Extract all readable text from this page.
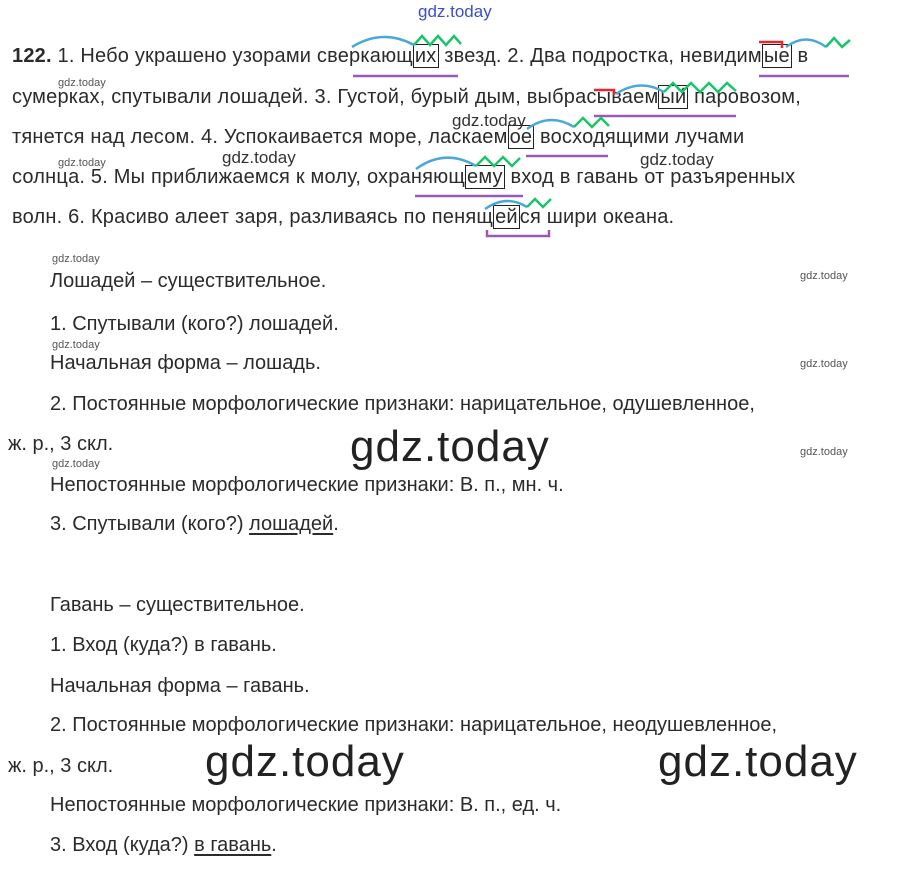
gdz.today
122. 1. Небо украшено узорами сверкающ их звезд. 2. Два подростка, невидим ые в
сумерках, спутывали лошадей. 3. Густой, бурый дым, выбрасываем ый паровозом,
тянется над лесом. 4. Успокаивается море, ласкаем ое восходящими лучами
солнца. 5. Мы приближаемся к молу, охраняющ ему вход в гавань от разъяренных
волн. 6. Красиво алеет заря, разливаясь по пенящ ей ся шири океана.
Лошадей – существительное.
1. Спутывали (кого?) лошадей.
Начальная форма – лошадь.
2. Постоянные морфологические признаки: нарицательное, одушевленное,
ж. р., 3 скл.
Непостоянные морфологические признаки: В. п., мн. ч.
3. Спутывали (кого?) лошадей.
Гавань – существительное.
1. Вход (куда?) в гавань.
Начальная форма – гавань.
2. Постоянные морфологические признаки: нарицательное, неодушевленное,
ж. р., 3 скл.
Непостоянные морфологические признаки: В. п., ед. ч.
3. Вход (куда?) в гавань.
gdz.today
gdz.today
gdz.today
gdz.today
gdz.today
gdz.today
gdz.today
gdz.today
gdz.today
gdz.today	gdz.today
gdz.today
gdz.today	gdz.today
